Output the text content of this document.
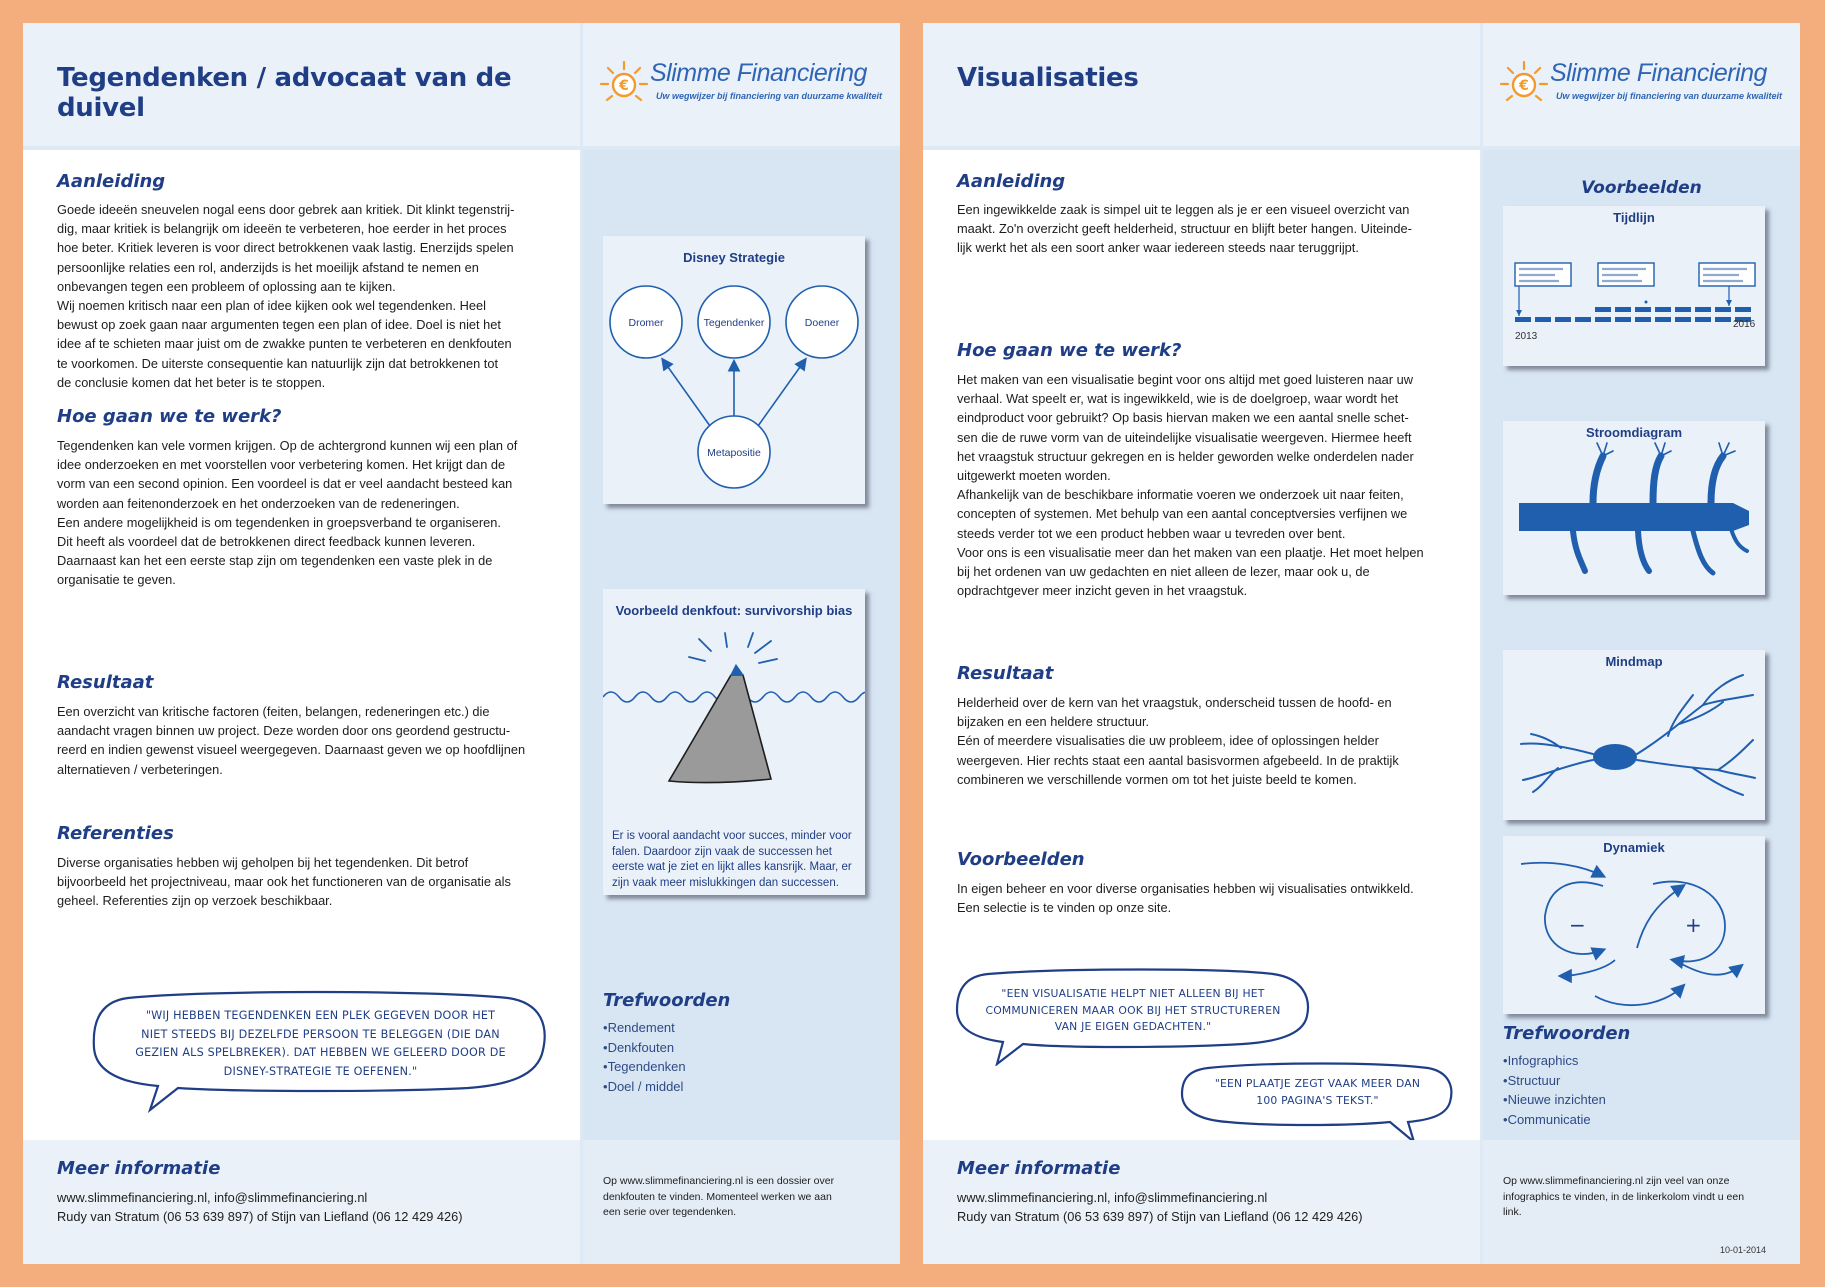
Tegendenken / advocaat van de duivel
€ Slimme Financiering
Uw wegwijzer bij financiering van duurzame kwaliteit
Aanleiding
Goede ideeën sneuvelen nogal eens door gebrek aan kritiek. Dit klinkt tegenstrij-
dig, maar kritiek is belangrijk om ideeën te verbeteren, hoe eerder in het proces
hoe beter. Kritiek leveren is voor direct betrokkenen vaak lastig. Enerzijds spelen
persoonlijke relaties een rol, anderzijds is het moeilijk afstand te nemen en
onbevangen tegen een probleem of oplossing aan te kijken.
Wij noemen kritisch naar een plan of idee kijken ook wel tegendenken. Heel
bewust op zoek gaan naar argumenten tegen een plan of idee. Doel is niet het
idee af te schieten maar juist om de zwakke punten te verbeteren en denkfouten
te voorkomen. De uiterste consequentie kan natuurlijk zijn dat betrokkenen tot
de conclusie komen dat het beter is te stoppen.
Hoe gaan we te werk?
Tegendenken kan vele vormen krijgen. Op de achtergrond kunnen wij een plan of
idee onderzoeken en met voorstellen voor verbetering komen. Het krijgt dan de
vorm van een second opinion. Een voordeel is dat er veel aandacht besteed kan
worden aan feitenonderzoek en het onderzoeken van de redeneringen.
Een andere mogelijkheid is om tegendenken in groepsverband te organiseren.
Dit heeft als voordeel dat de betrokkenen direct feedback kunnen leveren.
Daarnaast kan het een eerste stap zijn om tegendenken een vaste plek in de
organisatie te geven.
Resultaat
Een overzicht van kritische factoren (feiten, belangen, redeneringen etc.) die
aandacht vragen binnen uw project. Deze worden door ons geordend gestructu-
reerd en indien gewenst visueel weergegeven. Daarnaast geven we op hoofdlijnen
alternatieven / verbeteringen.
Referenties
Diverse organisaties hebben wij geholpen bij het tegendenken. Dit betrof
bijvoorbeeld het projectniveau, maar ook het functioneren van de organisatie als
geheel. Referenties zijn op verzoek beschikbaar.
"WIJ HEBBEN TEGENDENKEN EEN PLEK GEGEVEN DOOR HET
NIET STEEDS BIJ DEZELFDE PERSOON TE BELEGGEN (DIE DAN
GEZIEN ALS SPELBREKER). DAT HEBBEN WE GELEERD DOOR DE
DISNEY-STRATEGIE TE OEFENEN."
Disney Strategie
Dromer	Tegendenker	Doener
Metapositie
Voorbeeld denkfout: survivorship bias
Er is vooral aandacht voor succes, minder voor
falen. Daardoor zijn vaak de successen het
eerste wat je ziet en lijkt alles kansrijk. Maar, er
zijn vaak meer mislukkingen dan successen.
Trefwoorden
• Rendement
• Denkfouten
• Tegendenken
• Doel / middel
Meer informatie
www.slimmefinanciering.nl, info@slimmefinanciering.nl
Rudy van Stratum (06 53 639 897) of Stijn van Liefland (06 12 429 426)
Op www.slimmefinanciering.nl is een dossier over
denkfouten te vinden. Momenteel werken we aan
een serie over tegendenken.
Visualisaties	€ Slimme Financiering
Uw wegwijzer bij financiering van duurzame kwaliteit
Aanleiding
Een ingewikkelde zaak is simpel uit te leggen als je er een visueel overzicht van
maakt. Zo'n overzicht geeft helderheid, structuur en blijft beter hangen. Uiteinde-
lijk werkt het als een soort anker waar iedereen steeds naar teruggrijpt.
Hoe gaan we te werk?
Het maken van een visualisatie begint voor ons altijd met goed luisteren naar uw
verhaal. Wat speelt er, wat is ingewikkeld, wie is de doelgroep, waar wordt het
eindproduct voor gebruikt? Op basis hiervan maken we een aantal snelle schet-
sen die de ruwe vorm van de uiteindelijke visualisatie weergeven. Hiermee heeft
het vraagstuk structuur gekregen en is helder geworden welke onderdelen nader
uitgewerkt moeten worden.
Afhankelijk van de beschikbare informatie voeren we onderzoek uit naar feiten,
concepten of systemen. Met behulp van een aantal conceptversies verfijnen we
steeds verder tot we een product hebben waar u tevreden over bent.
Voor ons is een visualisatie meer dan het maken van een plaatje. Het moet helpen
bij het ordenen van uw gedachten en niet alleen de lezer, maar ook u, de
opdrachtgever meer inzicht geven in het vraagstuk.
Resultaat
Helderheid over de kern van het vraagstuk, onderscheid tussen de hoofd- en
bijzaken en een heldere structuur.
Eén of meerdere visualisaties die uw probleem, idee of oplossingen helder
weergeven. Hier rechts staat een aantal basisvormen afgebeeld. In de praktijk
combineren we verschillende vormen om tot het juiste beeld te komen.
Voorbeelden
In eigen beheer en voor diverse organisaties hebben wij visualisaties ontwikkeld.
Een selectie is te vinden op onze site.
"EEN VISUALISATIE HELPT NIET ALLEEN BIJ HET
COMMUNICEREN MAAR OOK BIJ HET STRUCTUREREN
VAN JE EIGEN GEDACHTEN."
"EEN PLAATJE ZEGT VAAK MEER DAN
100 PAGINA'S TEKST."
Voorbeelden
Tijdlijn
2013
2016
Stroomdiagram
Mindmap
Dynamiek
−	+
Trefwoorden
• Infographics
• Structuur
• Nieuwe inzichten
• Communicatie
Meer informatie
www.slimmefinanciering.nl, info@slimmefinanciering.nl
Rudy van Stratum (06 53 639 897) of Stijn van Liefland (06 12 429 426)
Op www.slimmefinanciering.nl zijn veel van onze
infographics te vinden, in de linkerkolom vindt u een
link.
10-01-2014
